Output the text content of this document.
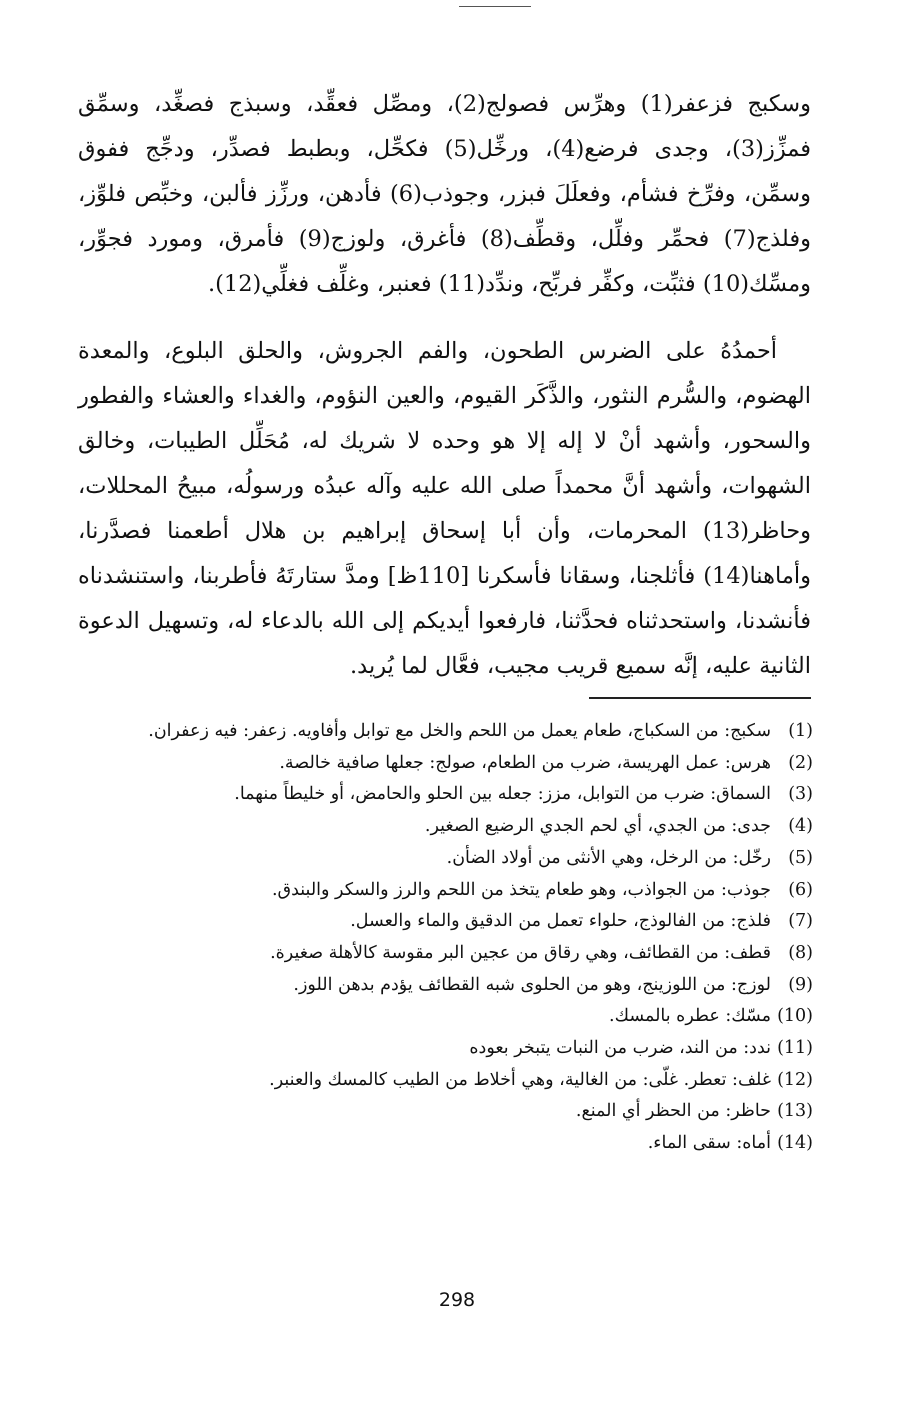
وسكبج فزعفر(1) وهرِّس فصولج(2)، ومصِّل فعقِّد، وسبذج فصغِّد، وسمِّق فمزِّز(3)، وجدى فرضع(4)، ورخِّل(5) فكحِّل، وبطبط فصدِّر، ودجِّج ففوق وسمِّن، وفرِّخ فشأم، وفعلَلَ فبزر، وجوذب(6) فأدهن، ورزِّز فألبن، وخبِّص فلوِّز، وفلذج(7) فحمِّر وفلِّل، وقطِّف(8) فأغرق، ولوزج(9) فأمرق، ومورد فجوِّر، ومسِّك(10) فثبِّت، وكفِّر فربِّح، وندِّد(11) فعنبر، وغلِّف فغلِّي(12).

أحمدُهُ على الضرس الطحون، والفم الجروش، والحلق البلوع، والمعدة الهضوم، والسُّرم النثور، والذَّكَر القيوم، والعين النؤوم، والغداء والعشاء والفطور والسحور، وأشهد أنْ لا إله إلا هو وحده لا شريك له، مُحَلِّل الطيبات، وخالق الشهوات، وأشهد أنَّ محمداً صلى الله عليه وآله عبدُه ورسولُه، مبيحُ المحللات، وحاظر(13) المحرمات، وأن أبا إسحاق إبراهيم بن هلال أطعمنا فصدَّرنا، وأماهنا(14) فأثلجنا، وسقانا فأسكرنا [110ظ] ومدَّ ستارتَهُ فأطربنا، واستنشدناه فأنشدنا، واستحدثناه فحدَّثنا، فارفعوا أيديكم إلى الله بالدعاء له، وتسهيل الدعوة الثانية عليه، إنَّه سميع قريب مجيب، فعَّال لما يُريد.

(1)
سكبج: من السكباج، طعام يعمل من اللحم والخل مع توابل وأفاويه. زعفر: فيه زعفران.
(2)
هرس: عمل الهريسة، ضرب من الطعام، صولج: جعلها صافية خالصة.
(3)
السماق: ضرب من التوابل، مزز: جعله بين الحلو والحامض، أو خليطاً منهما.
(4)
جدى: من الجدي، أي لحم الجدي الرضيع الصغير.
(5)
رخّل: من الرخل، وهي الأنثى من أولاد الضأن.
(6)
جوذب: من الجواذب، وهو طعام يتخذ من اللحم والرز والسكر والبندق.
(7)
فلذج: من الفالوذج، حلواء تعمل من الدقيق والماء والعسل.
(8)
قطف: من القطائف، وهي رقاق من عجين البر مقوسة كالأهلة صغيرة.
(9)
لوزج: من اللوزينج، وهو من الحلوى شبه القطائف يؤدم بدهن اللوز.
(10)
مسّك: عطره بالمسك.
(11)
ندد: من الند، ضرب من النبات يتبخر بعوده
(12)
غلف: تعطر. غلّى: من الغالية، وهي أخلاط من الطيب كالمسك والعنبر.
(13)
حاظر: من الحظر أي المنع.
(14)
أماه: سقى الماء.
298
